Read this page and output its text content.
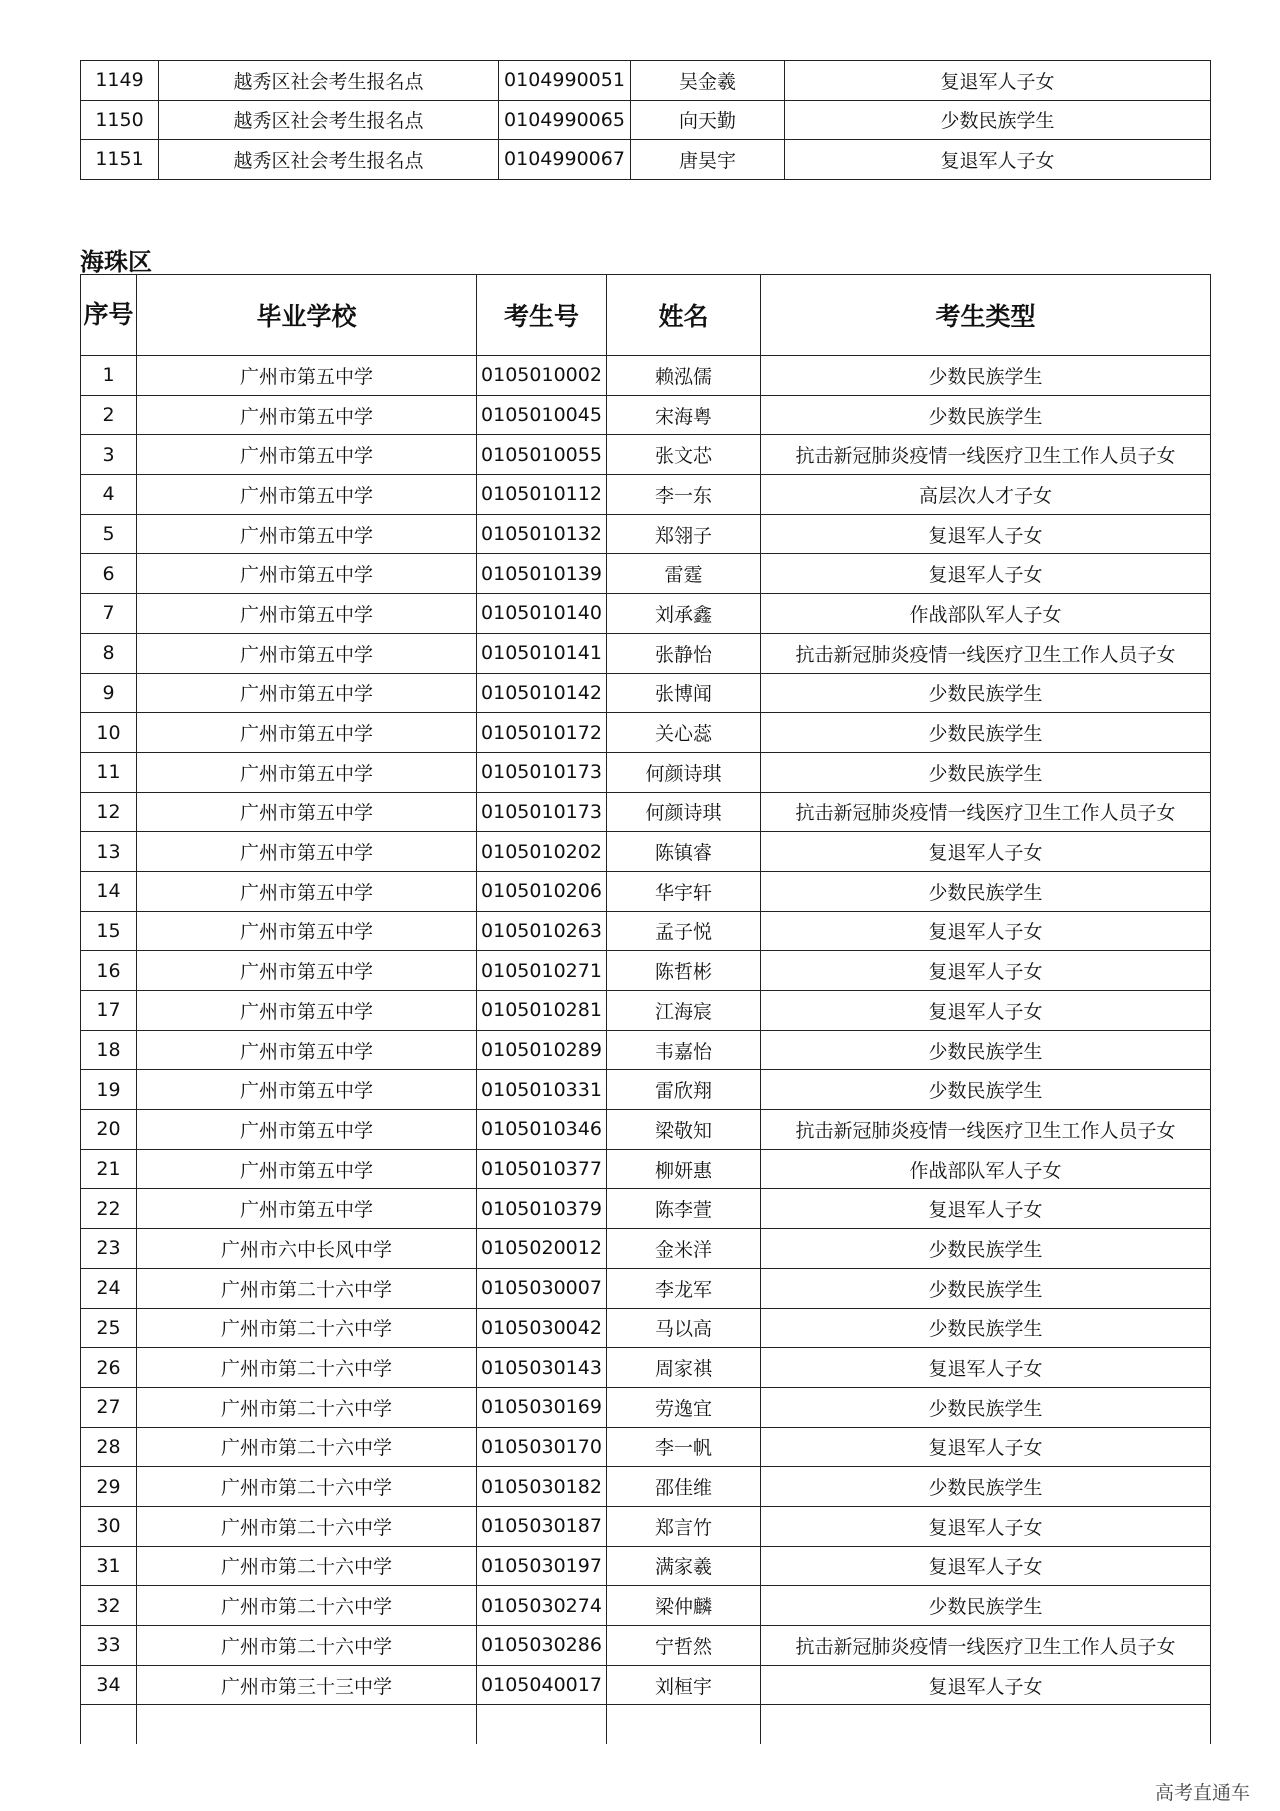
1149	越秀区社会考生报名点	0104990051	吴金羲	复退军人子女
1150	越秀区社会考生报名点	0104990065	向天勤	少数民族学生
1151	越秀区社会考生报名点	0104990067	唐昊宇	复退军人子女
海珠区
序号	毕业学校	考生号	姓名	考生类型
1	广州市第五中学	0105010002	赖泓儒	少数民族学生
2	广州市第五中学	0105010045	宋海粤	少数民族学生
3	广州市第五中学	0105010055	张文芯	抗击新冠肺炎疫情一线医疗卫生工作人员子女
4	广州市第五中学	0105010112	李一东	高层次人才子女
5	广州市第五中学	0105010132	郑翎子	复退军人子女
6	广州市第五中学	0105010139	雷霆	复退军人子女
7	广州市第五中学	0105010140	刘承鑫	作战部队军人子女
8	广州市第五中学	0105010141	张静怡	抗击新冠肺炎疫情一线医疗卫生工作人员子女
9	广州市第五中学	0105010142	张博闻	少数民族学生
10	广州市第五中学	0105010172	关心蕊	少数民族学生
11	广州市第五中学	0105010173	何颜诗琪	少数民族学生
12	广州市第五中学	0105010173	何颜诗琪	抗击新冠肺炎疫情一线医疗卫生工作人员子女
13	广州市第五中学	0105010202	陈镇睿	复退军人子女
14	广州市第五中学	0105010206	华宇轩	少数民族学生
15	广州市第五中学	0105010263	孟子悦	复退军人子女
16	广州市第五中学	0105010271	陈哲彬	复退军人子女
17	广州市第五中学	0105010281	江海宸	复退军人子女
18	广州市第五中学	0105010289	韦嘉怡	少数民族学生
19	广州市第五中学	0105010331	雷欣翔	少数民族学生
20	广州市第五中学	0105010346	梁敬知	抗击新冠肺炎疫情一线医疗卫生工作人员子女
21	广州市第五中学	0105010377	柳妍惠	作战部队军人子女
22	广州市第五中学	0105010379	陈李萱	复退军人子女
23	广州市六中长风中学	0105020012	金米洋	少数民族学生
24	广州市第二十六中学	0105030007	李龙军	少数民族学生
25	广州市第二十六中学	0105030042	马以高	少数民族学生
26	广州市第二十六中学	0105030143	周家祺	复退军人子女
27	广州市第二十六中学	0105030169	劳逸宜	少数民族学生
28	广州市第二十六中学	0105030170	李一帆	复退军人子女
29	广州市第二十六中学	0105030182	邵佳维	少数民族学生
30	广州市第二十六中学	0105030187	郑言竹	复退军人子女
31	广州市第二十六中学	0105030197	满家羲	复退军人子女
32	广州市第二十六中学	0105030274	梁仲麟	少数民族学生
33	广州市第二十六中学	0105030286	宁哲然	抗击新冠肺炎疫情一线医疗卫生工作人员子女
34	广州市第三十三中学	0105040017	刘桓宇	复退军人子女

高考直通车
